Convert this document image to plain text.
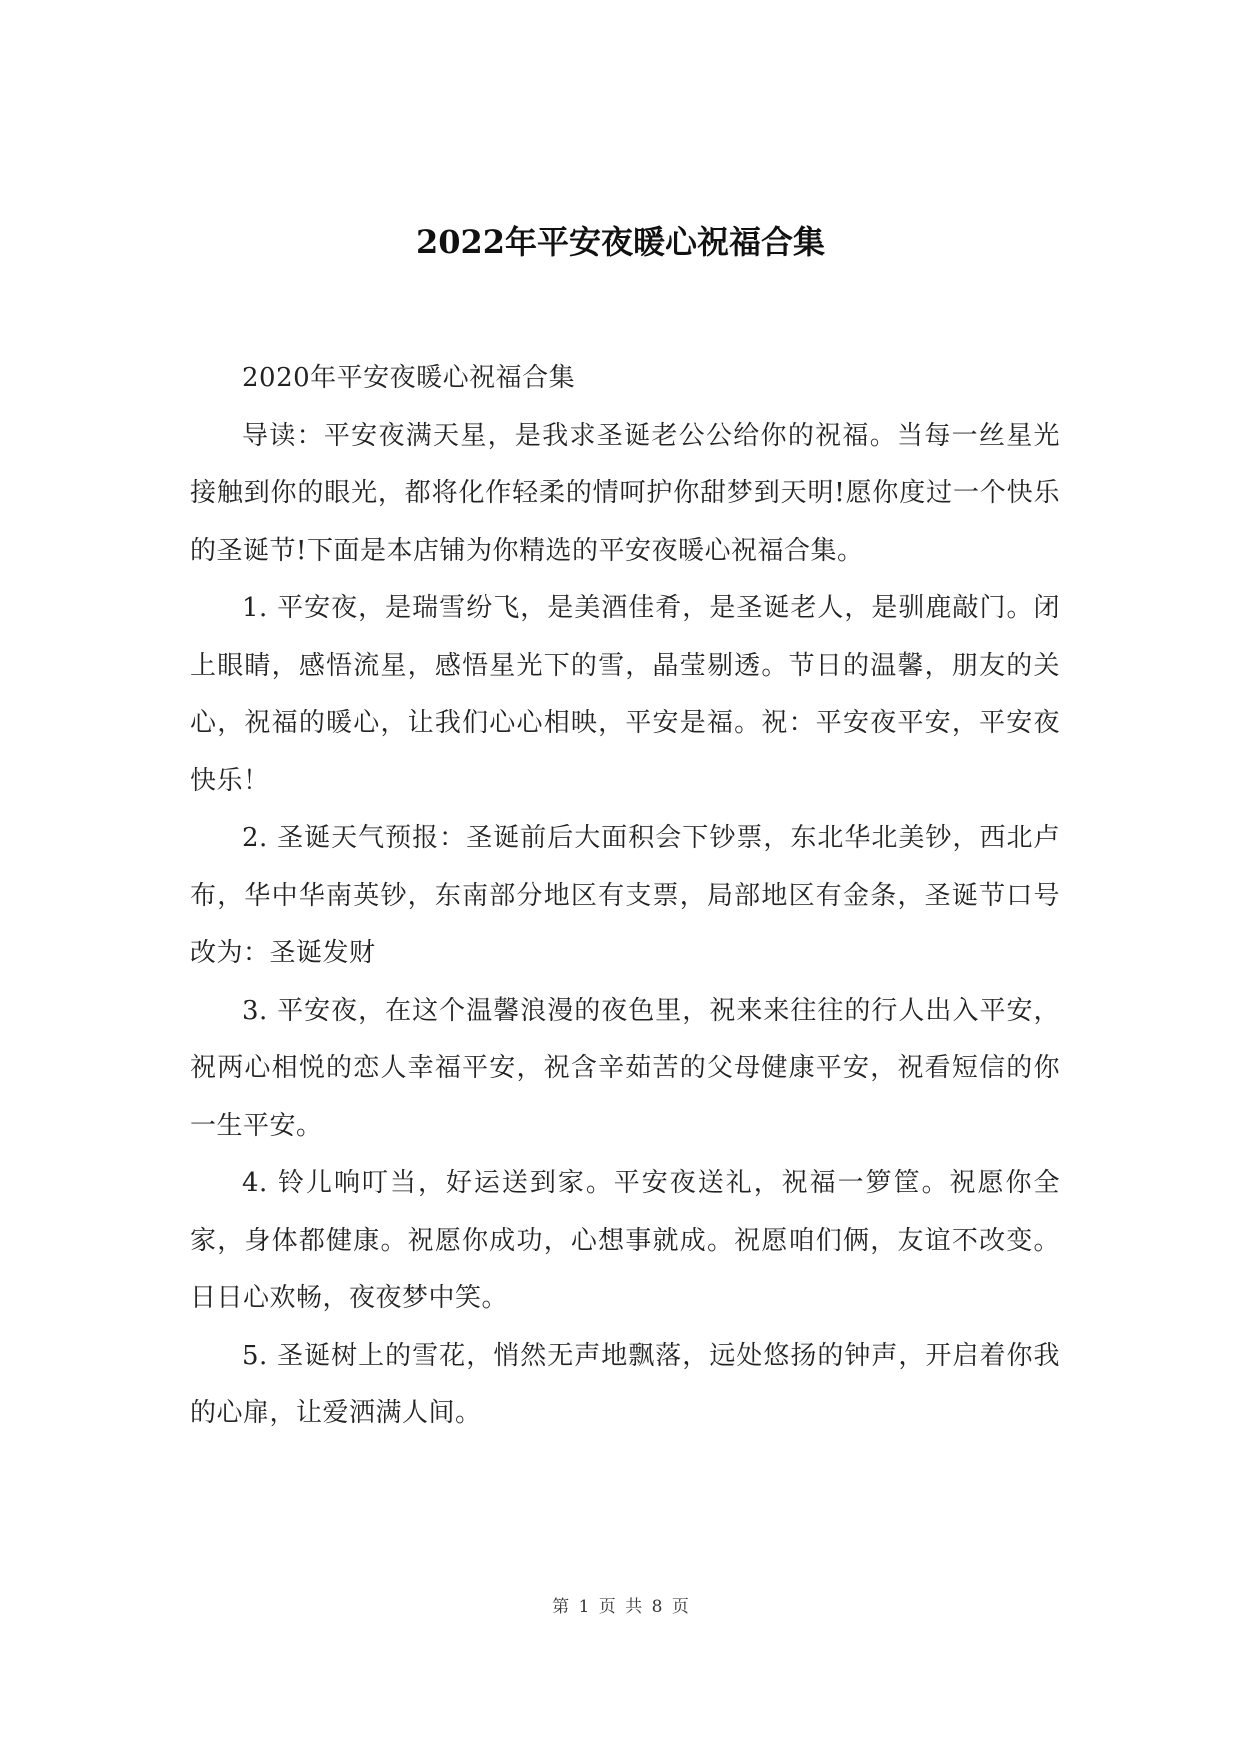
2022年平安夜暖心祝福合集

2020年平安夜暖心祝福合集

导读：平安夜满天星，是我求圣诞老公公给你的祝福。当每一丝星光接触到你的眼光，都将化作轻柔的情呵护你甜梦到天明!愿你度过一个快乐的圣诞节!下面是本店铺为你精选的平安夜暖心祝福合集。

1. 平安夜，是瑞雪纷飞，是美酒佳肴，是圣诞老人，是驯鹿敲门。闭上眼睛，感悟流星，感悟星光下的雪，晶莹剔透。节日的温馨，朋友的关心，祝福的暖心，让我们心心相映，平安是福。祝：平安夜平安，平安夜快乐！

2. 圣诞天气预报：圣诞前后大面积会下钞票，东北华北美钞，西北卢布，华中华南英钞，东南部分地区有支票，局部地区有金条，圣诞节口号改为：圣诞发财

3. 平安夜，在这个温馨浪漫的夜色里，祝来来往往的行人出入平安，祝两心相悦的恋人幸福平安，祝含辛茹苦的父母健康平安，祝看短信的你一生平安。

4. 铃儿响叮当，好运送到家。平安夜送礼，祝福一箩筐。祝愿你全家，身体都健康。祝愿你成功，心想事就成。祝愿咱们俩，友谊不改变。日日心欢畅，夜夜梦中笑。

5. 圣诞树上的雪花，悄然无声地飘落，远处悠扬的钟声，开启着你我的心扉，让爱洒满人间。

第 1 页 共 8 页
